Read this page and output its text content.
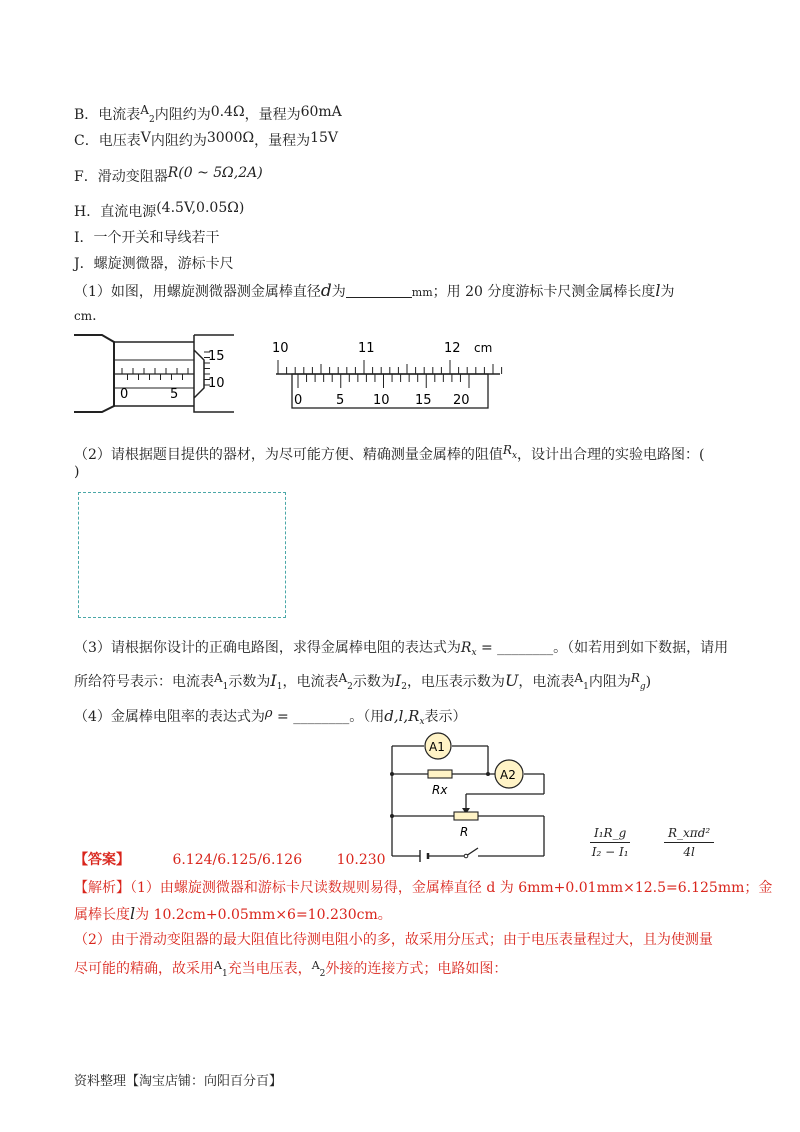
B．电流表$A_2$内阻约为0.4Ω，量程为60mA
C．电压表V内阻约为3000Ω，量程为15V
F．滑动变阻器R(0 ~ 5Ω,2A)
H．直流电源(4.5V,0.05Ω)
I．一个开关和导线若干
J．螺旋测微器，游标卡尺
（1）如图，用螺旋测微器测金属棒直径d为	mm；用 20 分度游标卡尺测金属棒长度l为
cm.
0	5
15
10
10	11	12 cm
0	5 10 15 20
（2）请根据题目提供的器材，为尽可能方便、精确测量金属棒的阻值Rx，设计出合理的实验电路图：(
)
（3）请根据你设计的正确电路图，求得金属棒电阻的表达式为$R_x$ = ________。（如若用到如下数据，请用
所给符号表示：电流表$A_1$示数为$I_1$，电流表$A_2$示数为$I_2$，电压表示数为U，电流表$A_1$内阻为$R_g$)
（4）金属棒电阻率的表达式为ρ = ________。（用$d,l,R_x$表示）
A1
A2
Rx
R	$\frac{\text{I₁R\_g}}{\text{I₂ − I₁}}$	R_xπd²
4l
【答案】	6.124/6.125/6.126 10.230
【解析】（1）由螺旋测微器和游标卡尺读数规则易得，金属棒直径 d 为 6mm+0.01mm×12.5=6.125mm；金
属棒长度l为 10.2cm+0.05mm×6=10.230cm。
（2）由于滑动变阻器的最大阻值比待测电阻小的多，故采用分压式；由于电压表量程过大，且为使测量
尽可能的精确，故采用$^A_1$充当电压表，$^A_2$外接的连接方式；电路如图：
资料整理【淘宝店铺：向阳百分百】
